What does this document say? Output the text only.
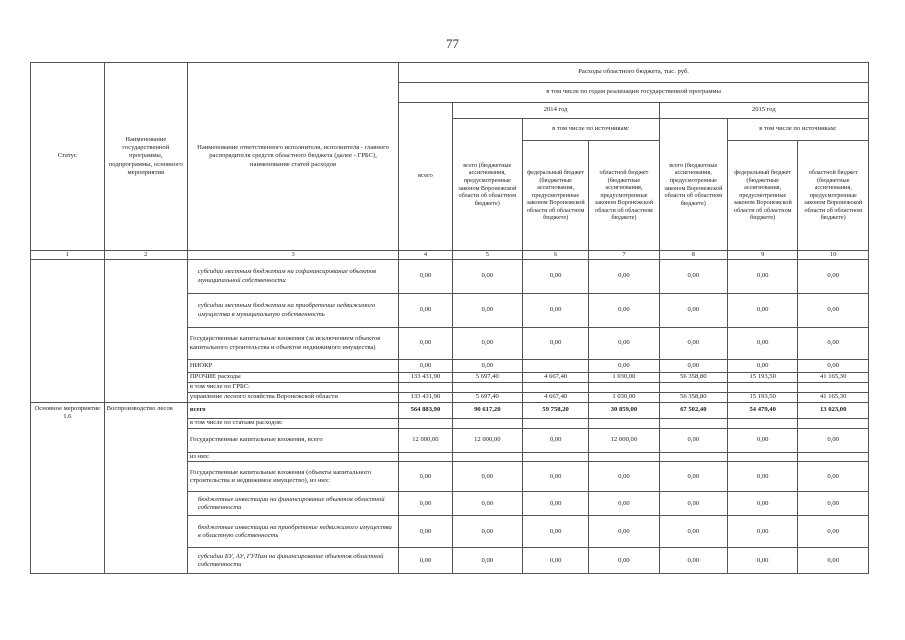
77
Статус	Наименование государственной программы, подпрограммы, основного мероприятия	Наименование ответственного исполнителя, исполнителя - главного распорядителя средств областного бюджета (далее - ГРБС), наименование статей расходов	Расходы областного бюджета, тыс. руб.						
			в том числе по годам реализации государственной программы						
			всего	2014 год			2015 год		
				всего (бюджетные ассигнования, предусмотренные законом Воронежской области об областном бюджете)	в том числе по источникам:		всего (бюджетные ассигнования, предусмотренные законом Воронежской области об областном бюджете)	в том числе по источникам:	
					федеральный бюджет (бюджетные ассигнования, предусмотренные законом Воронежской области об областном бюджете)	областной бюджет (бюджетные ассигнования, предусмотренные законом Воронежской области об областном бюджете)		федеральный бюджет (бюджетные ассигнования, предусмотренные законом Воронежской области об областном бюджете)	областной бюджет (бюджетные ассигнования, предусмотренные законом Воронежской области об областном бюджете)
1	2	3	4	5	6	7	8	9	10
		субсидии местным бюджетам на софинансирование объектов муниципальной собственности	0,00	0,00	0,00	0,00	0,00	0,00	0,00
		субсидии местным бюджетам на приобретение недвижимого имущества в муниципальную собственность	0,00	0,00	0,00	0,00	0,00	0,00	0,00
		Государственные капитальные вложения (за исключением объектов капитального строительства и объектов недвижимого имущества)	0,00	0,00	0,00	0,00	0,00	0,00	0,00
		НИОКР	0,00	0,00		0,00	0,00	0,00	0,00
		ПРОЧИЕ расходы	133 431,90	5 697,40	4 667,40	1 030,00	56 358,80	15 193,50	41 165,30
		в том числе по ГРБС:							
		управление лесного хозяйства Воронежской области	133 431,90	5 697,40	4 667,40	1 030,00	56 358,80	15 193,50	41 165,30
Основное мероприятие 1.6	Воспроизводство лесов	всего	564 883,90	90 617,20	59 758,20	30 859,00	67 502,40	54 479,40	13 023,00
		в том числе по статьям расходов:							
		Государственные капитальные вложения, всего	12 000,00	12 000,00	0,00	12 000,00	0,00	0,00	0,00
		из них:							
		Государственные капитальные вложения (объекты капитального строительства и недвижимое имущество), из них:	0,00	0,00	0,00	0,00	0,00	0,00	0,00
		бюджетные инвестиции на финансирование объектов областной собственности	0,00	0,00	0,00	0,00	0,00	0,00	0,00
		бюджетные инвестиции на приобретение недвижимого имущества в областную собственность	0,00	0,00	0,00	0,00	0,00	0,00	0,00
		субсидии БУ, АУ, ГУПам на финансирование объектов областной собственности	0,00	0,00	0,00	0,00	0,00	0,00	0,00
